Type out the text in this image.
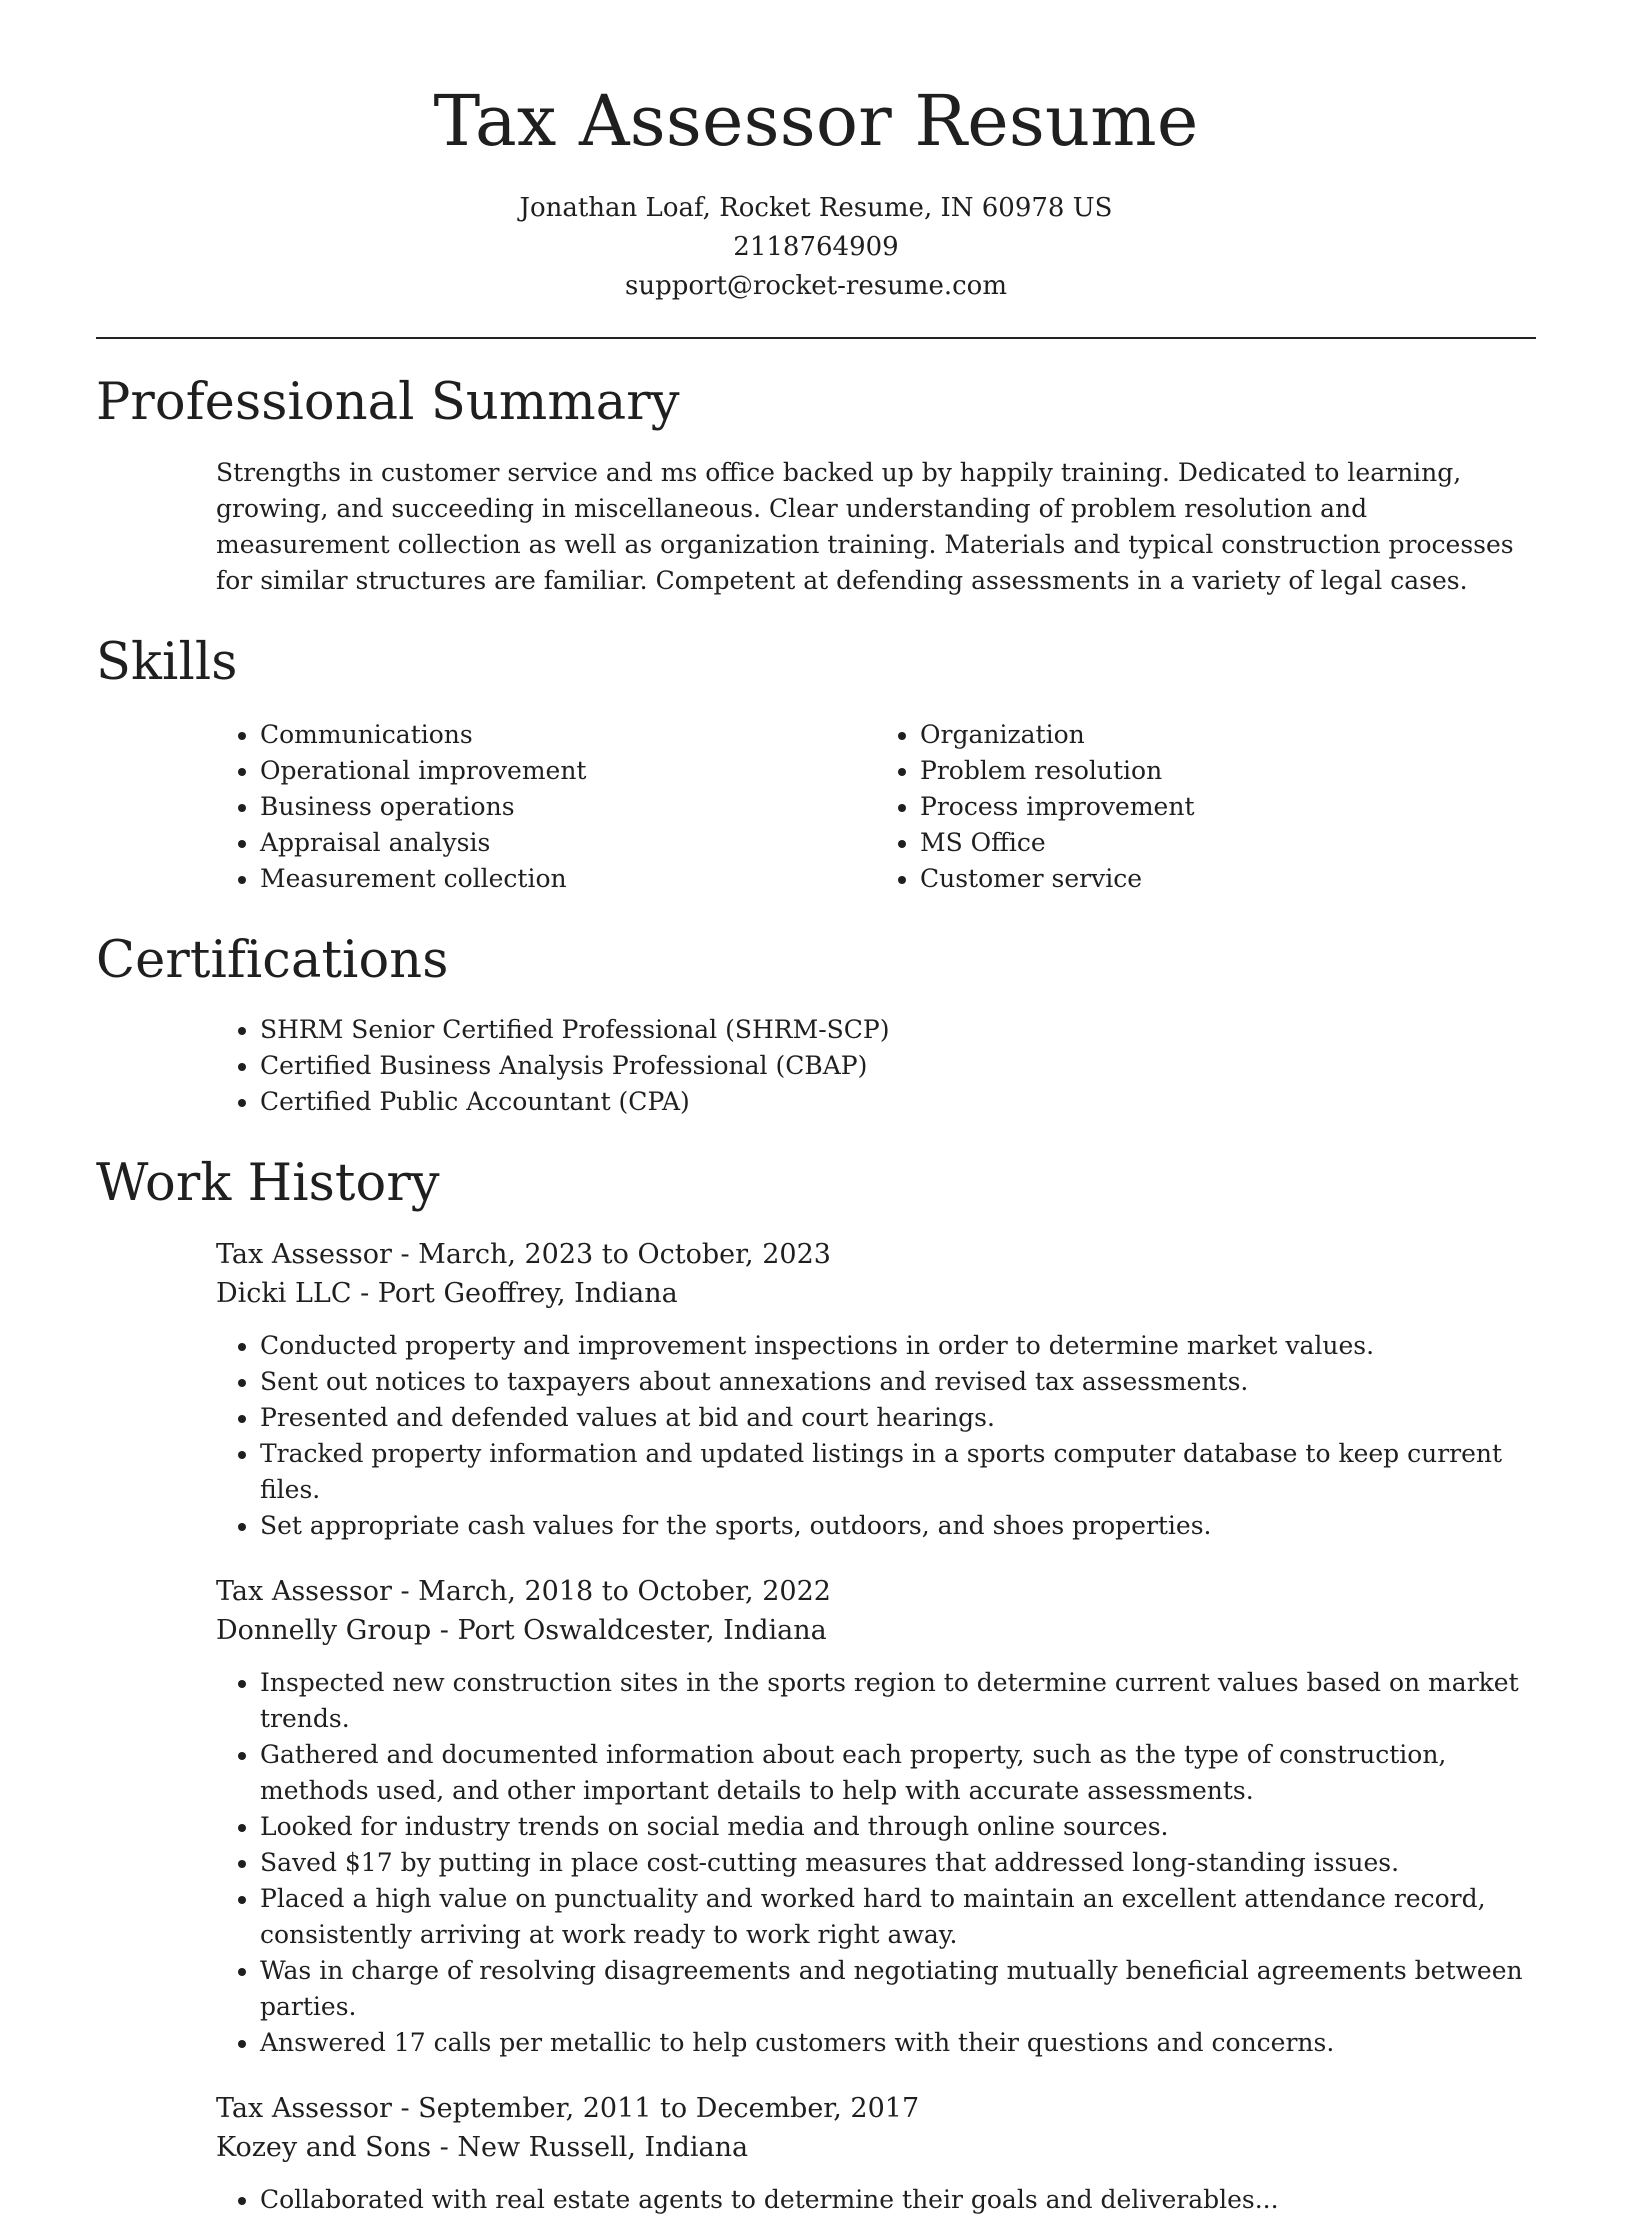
Tax Assessor Resume
Jonathan Loaf, Rocket Resume, IN 60978 US
2118764909
support@rocket-resume.com
Professional Summary
Strengths in customer service and ms office backed up by happily training. Dedicated to learning, growing, and succeeding in miscellaneous. Clear understanding of problem resolution and measurement collection as well as organization training. Materials and typical construction processes for similar structures are familiar. Competent at defending assessments in a variety of legal cases.
Skills
• Communications
• Operational improvement
• Business operations
• Appraisal analysis
• Measurement collection
• Organization
• Problem resolution
• Process improvement
• MS Office
• Customer service
Certifications
• SHRM Senior Certified Professional (SHRM-SCP)
• Certified Business Analysis Professional (CBAP)
• Certified Public Accountant (CPA)
Work History
Tax Assessor - March, 2023 to October, 2023
Dicki LLC - Port Geoffrey, Indiana
• Conducted property and improvement inspections in order to determine market values.
• Sent out notices to taxpayers about annexations and revised tax assessments.
• Presented and defended values at bid and court hearings.
• Tracked property information and updated listings in a sports computer database to keep current files.
• Set appropriate cash values for the sports, outdoors, and shoes properties.
Tax Assessor - March, 2018 to October, 2022
Donnelly Group - Port Oswaldcester, Indiana
• Inspected new construction sites in the sports region to determine current values based on market trends.
• Gathered and documented information about each property, such as the type of construction, methods used, and other important details to help with accurate assessments.
• Looked for industry trends on social media and through online sources.
• Saved $17 by putting in place cost-cutting measures that addressed long-standing issues.
• Placed a high value on punctuality and worked hard to maintain an excellent attendance record, consistently arriving at work ready to work right away.
• Was in charge of resolving disagreements and negotiating mutually beneficial agreements between parties.
• Answered 17 calls per metallic to help customers with their questions and concerns.
Tax Assessor - September, 2011 to December, 2017
Kozey and Sons - New Russell, Indiana
• Collaborated with real estate agents to determine their goals and deliverables...
